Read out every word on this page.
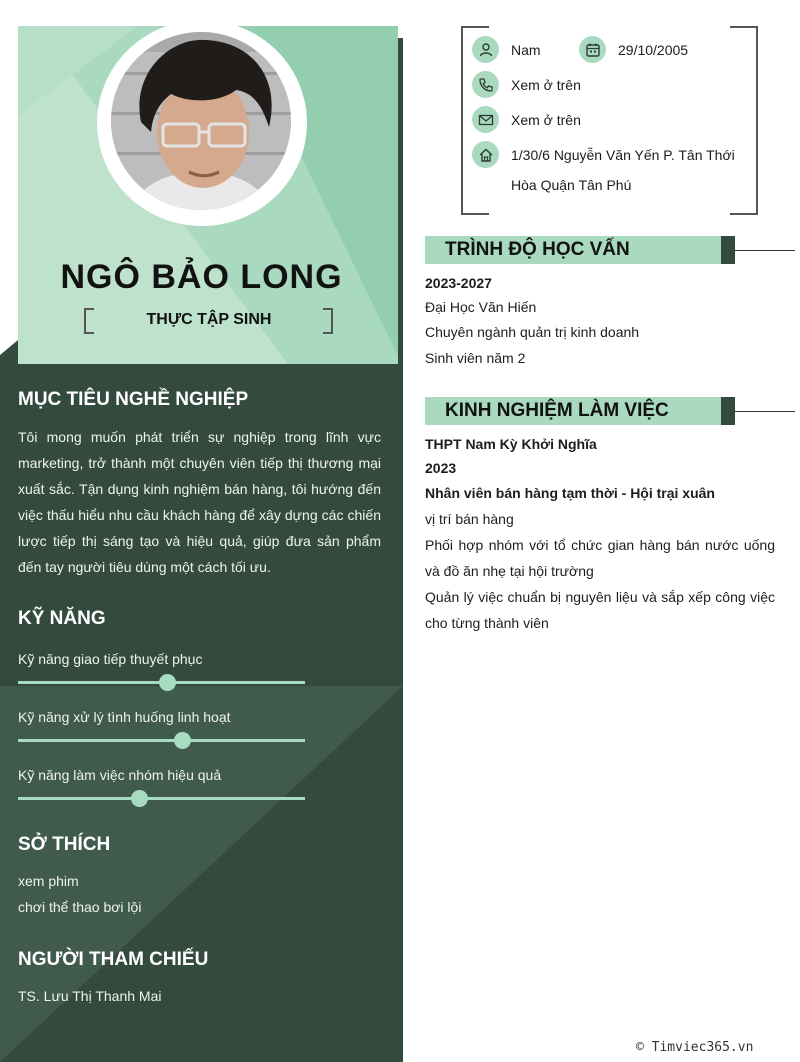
NGÔ BẢO LONG
THỰC TẬP SINH
MỤC TIÊU NGHỀ NGHIỆP
Tôi mong muốn phát triển sự nghiệp trong lĩnh vực marketing, trở thành một chuyên viên tiếp thị thương mại xuất sắc. Tận dụng kinh nghiệm bán hàng, tôi hướng đến việc thấu hiểu nhu cầu khách hàng để xây dựng các chiến lược tiếp thị sáng tạo và hiệu quả, giúp đưa sản phẩm đến tay người tiêu dùng một cách tối ưu.
KỸ NĂNG
Kỹ năng giao tiếp thuyết phục
Kỹ năng xử lý tình huống linh hoạt
Kỹ năng làm việc nhóm hiệu quả
SỞ THÍCH
xem phim
chơi thể thao bơi lội
NGƯỜI THAM CHIẾU
TS. Lưu Thị Thanh Mai
Nam	29/10/2005
Xem ở trên
Xem ở trên
1/30/6 Nguyễn Văn Yến P. Tân Thới
Hòa Quận Tân Phú
TRÌNH ĐỘ HỌC VẤN
2023-2027
Đại Học Văn Hiến
Chuyên ngành quản trị kinh doanh
Sinh viên năm 2
KINH NGHIỆM LÀM VIỆC
THPT Nam Kỳ Khởi Nghĩa
2023
Nhân viên bán hàng tạm thời - Hội trại xuân
vị trí bán hàng
Phối hợp nhóm với tổ chức gian hàng bán nước uống và đồ ăn nhẹ tại hội trường
Quản lý việc chuẩn bị nguyên liệu và sắp xếp công việc cho từng thành viên
© Timviec365.vn
